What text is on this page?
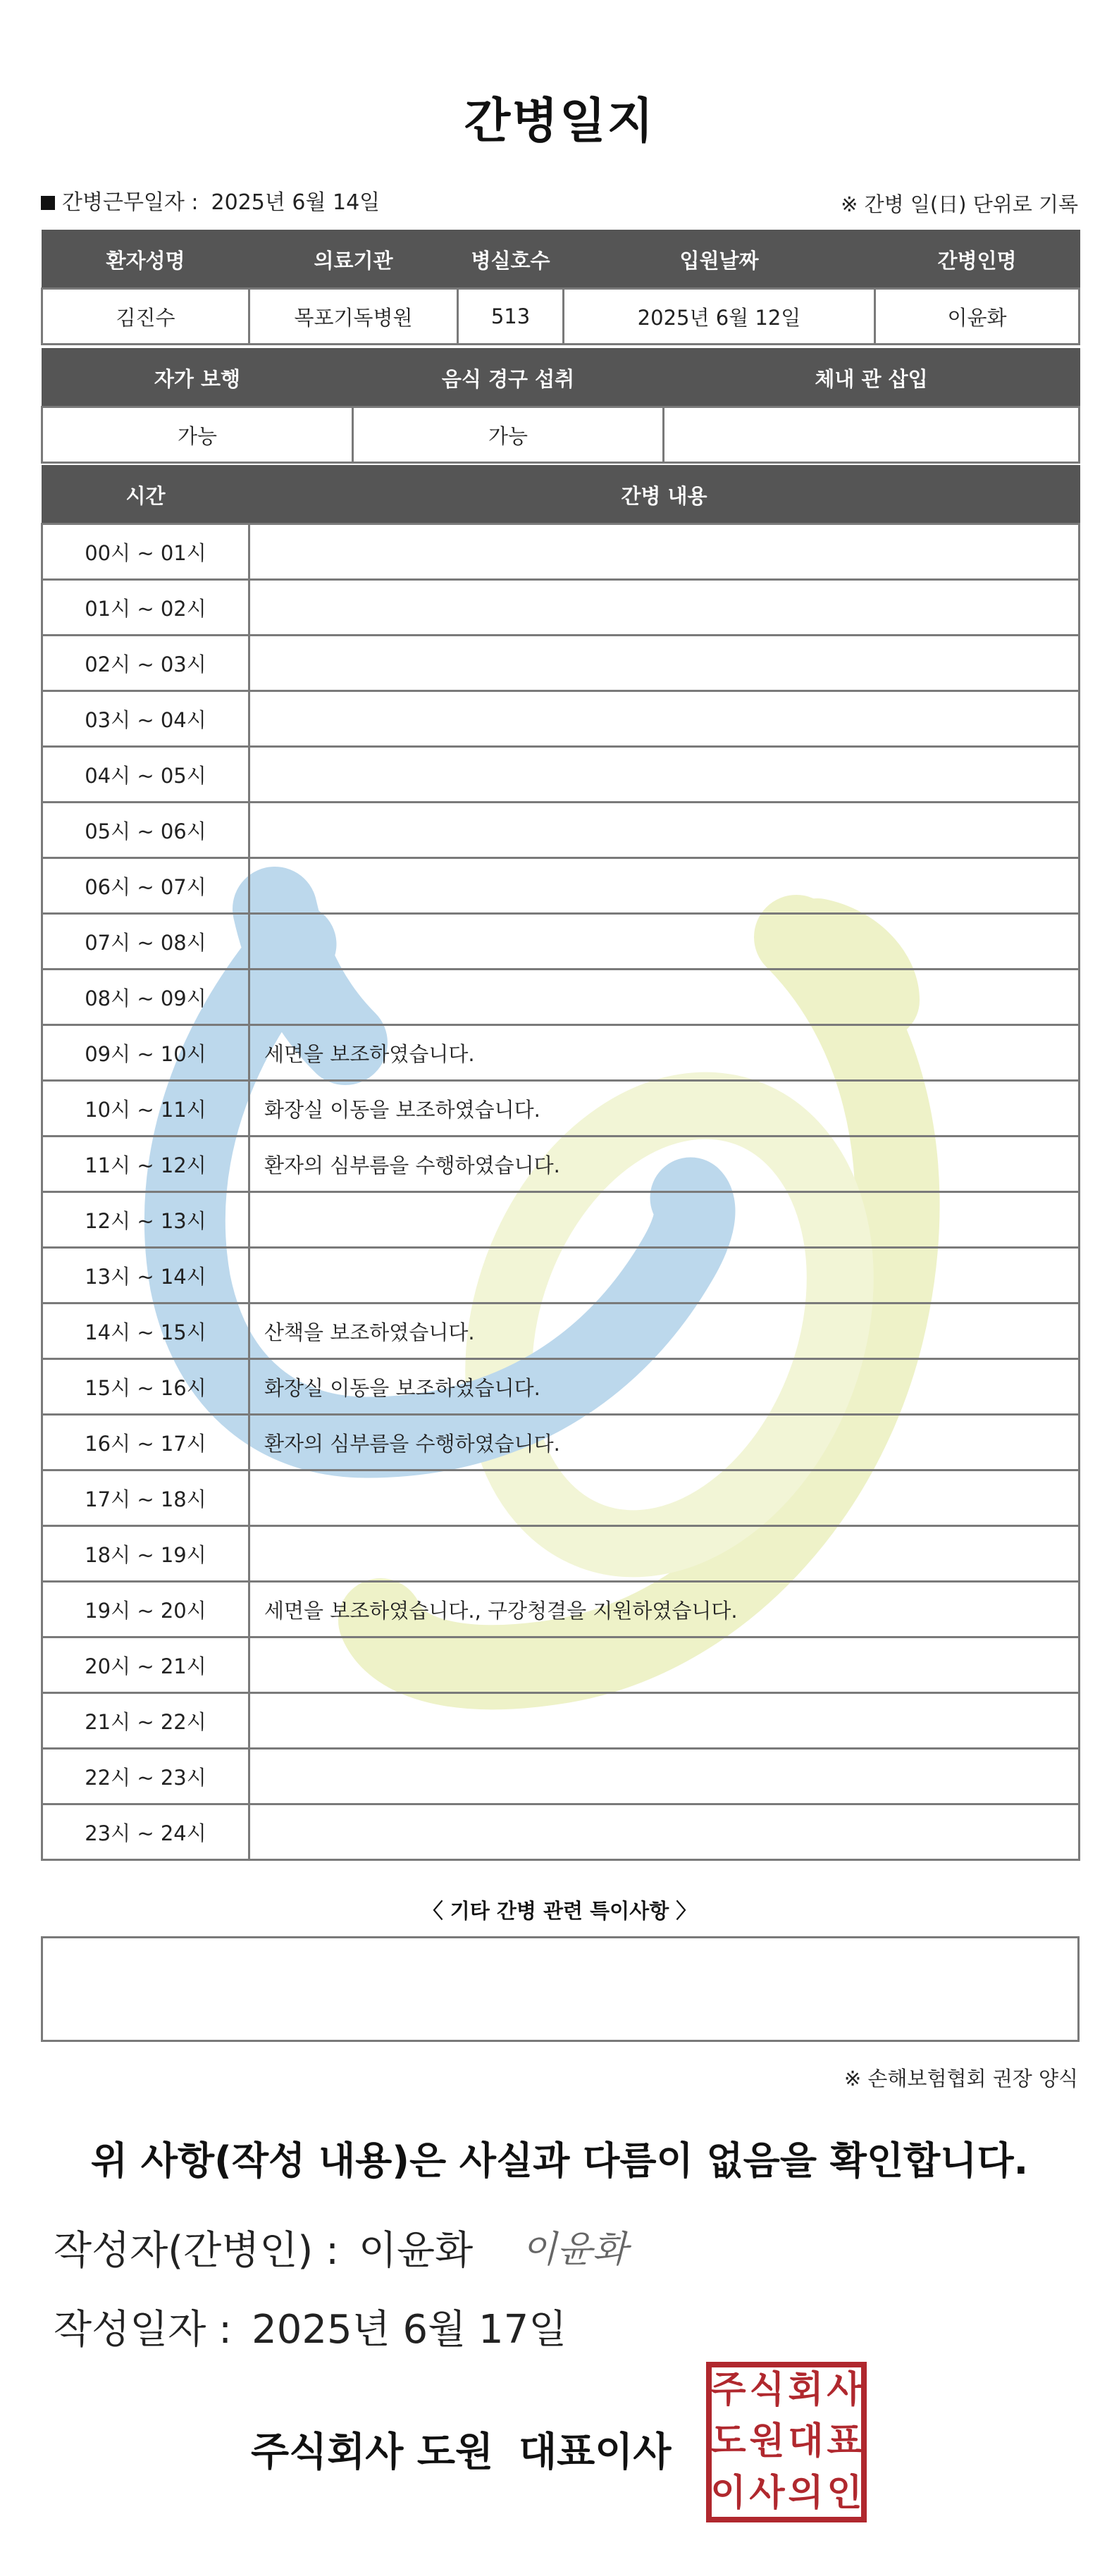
간병일지
간병근무일자 : 2025년 6월 14일	※ 간병 일(日) 단위로 기록
환자성명	의료기관	병실호수	입원날짜	간병인명
김진수	목포기독병원	513	2025년 6월 12일	이윤화
자가 보행	음식 경구 섭취	체내 관 삽입
가능	가능	
시간	간병 내용
00시 ~ 01시	
01시 ~ 02시	
02시 ~ 03시	
03시 ~ 04시	
04시 ~ 05시	
05시 ~ 06시	
06시 ~ 07시	
07시 ~ 08시	
08시 ~ 09시	
09시 ~ 10시	세면을 보조하였습니다.
10시 ~ 11시	화장실 이동을 보조하였습니다.
11시 ~ 12시	환자의 심부름을 수행하였습니다.
12시 ~ 13시	
13시 ~ 14시	
14시 ~ 15시	산책을 보조하였습니다.
15시 ~ 16시	화장실 이동을 보조하였습니다.
16시 ~ 17시	환자의 심부름을 수행하였습니다.
17시 ~ 18시	
18시 ~ 19시	
19시 ~ 20시	세면을 보조하였습니다., 구강청결을 지원하였습니다.
20시 ~ 21시	
21시 ~ 22시	
22시 ~ 23시	
23시 ~ 24시	
〈 기타 간병 관련 특이사항 〉
※ 손해보험협회 권장 양식
위 사항(작성 내용)은 사실과 다름이 없음을 확인합니다.
작성자(간병인) : 이윤화 이윤화
작성일자 : 2025년 6월 17일
주식회사 도원 대표이사
주 식 회 사
도 원 대 표
이 사 의 인
